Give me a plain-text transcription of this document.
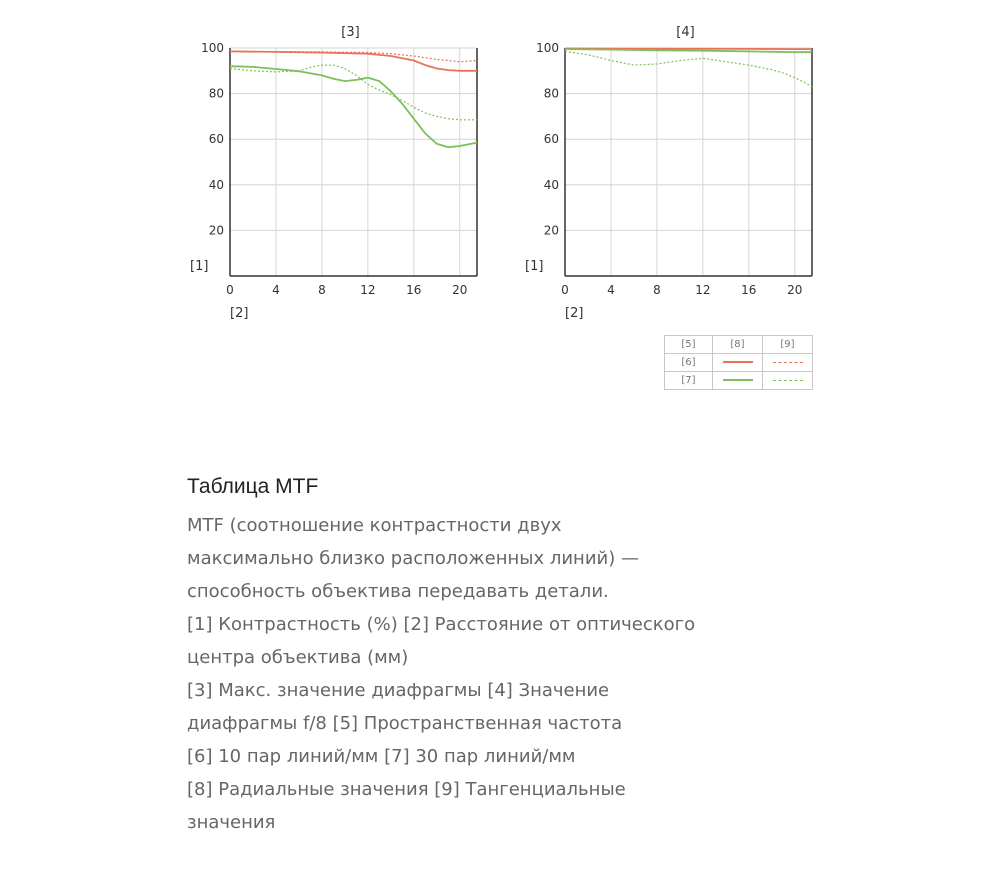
20
40
60
80
100
0	4	8	12	16	20
[3]
[1]
[2]
20
40
60
80
100
0	4	8	12	16	20
[4]
[1]
[2]
[5]	[8]	[9]
[6]		
[7]		
Таблица MTF

MTF (соотношение контрастности двух

максимально близко расположенных линий) —

способность объектива передавать детали.

[1] Контрастность (%) [2] Расстояние от оптического

центра объектива (мм)

[3] Макс. значение диафрагмы [4] Значение

диафрагмы f/8 [5] Пространственная частота

[6] 10 пар линий/мм [7] 30 пар линий/мм

[8] Радиальные значения [9] Тангенциальные

значения
